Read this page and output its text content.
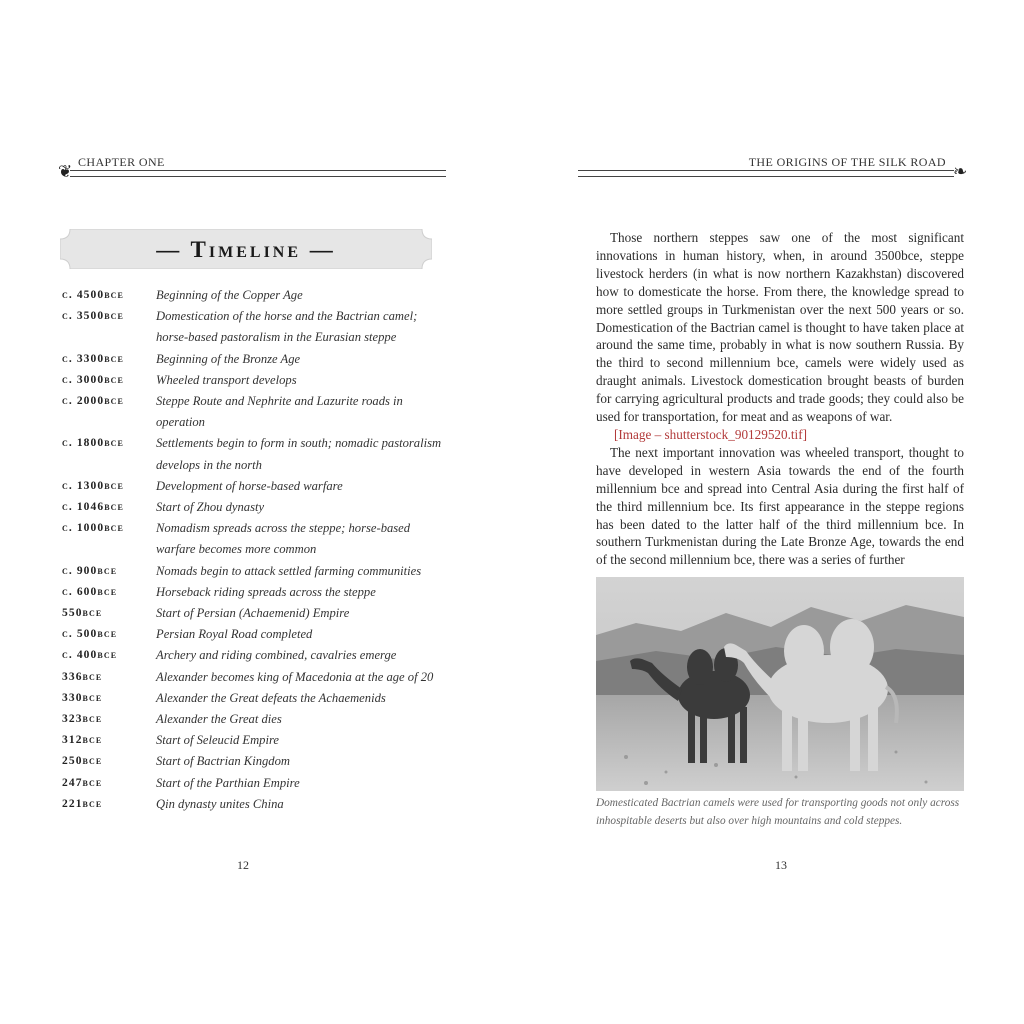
CHAPTER ONE
❦
— Timeline —
c. 4500bce	Beginning of the Copper Age
c. 3500bce	Domestication of the horse and the Bactrian camel; horse-based pastoralism in the Eurasian steppe
c. 3300bce	Beginning of the Bronze Age
c. 3000bce	Wheeled transport develops
c. 2000bce	Steppe Route and Nephrite and Lazurite roads in operation
c. 1800bce	Settlements begin to form in south; nomadic pastoralism develops in the north
c. 1300bce	Development of horse-based warfare
c. 1046bce	Start of Zhou dynasty
c. 1000bce	Nomadism spreads across the steppe; horse-based warfare becomes more common
c. 900bce	Nomads begin to attack settled farming communities
c. 600bce	Horseback riding spreads across the steppe
550bce	Start of Persian (Achaemenid) Empire
c. 500bce	Persian Royal Road completed
c. 400bce	Archery and riding combined, cavalries emerge
336bce	Alexander becomes king of Macedonia at the age of 20
330bce	Alexander the Great defeats the Achaemenids
323bce	Alexander the Great dies
312bce	Start of Seleucid Empire
250bce	Start of Bactrian Kingdom
247bce	Start of the Parthian Empire
221bce	Qin dynasty unites China
12
THE ORIGINS OF THE SILK ROAD ❧

Those northern steppes saw one of the most significant innovations in human history, when, in around 3500bce, steppe livestock herders (in what is now northern Kazakhstan) discovered how to domesticate the horse. From there, the knowledge spread to more settled groups in Turkmenistan over the next 500 years or so. Domestication of the Bactrian camel is thought to have taken place at around the same time, probably in what is now southern Russia. By the third to second millennium bce, camels were widely used as draught animals. Livestock domestication brought beasts of burden for carrying agricultural products and trade goods; they could also be used for transportation, for meat and as weapons of war.

[Image – shutterstock_90129520.tif]

The next important innovation was wheeled transport, thought to have developed in western Asia towards the end of the fourth millennium bce and spread into Central Asia during the first half of the third millennium bce. Its first appearance in the steppe regions has been dated to the latter half of the third millennium bce. In southern Turkmenistan during the Late Bronze Age, towards the end of the second millennium bce, there was a series of further

Domesticated Bactrian camels were used for transporting goods not only across inhospitable deserts but also over high mountains and cold steppes.
13
